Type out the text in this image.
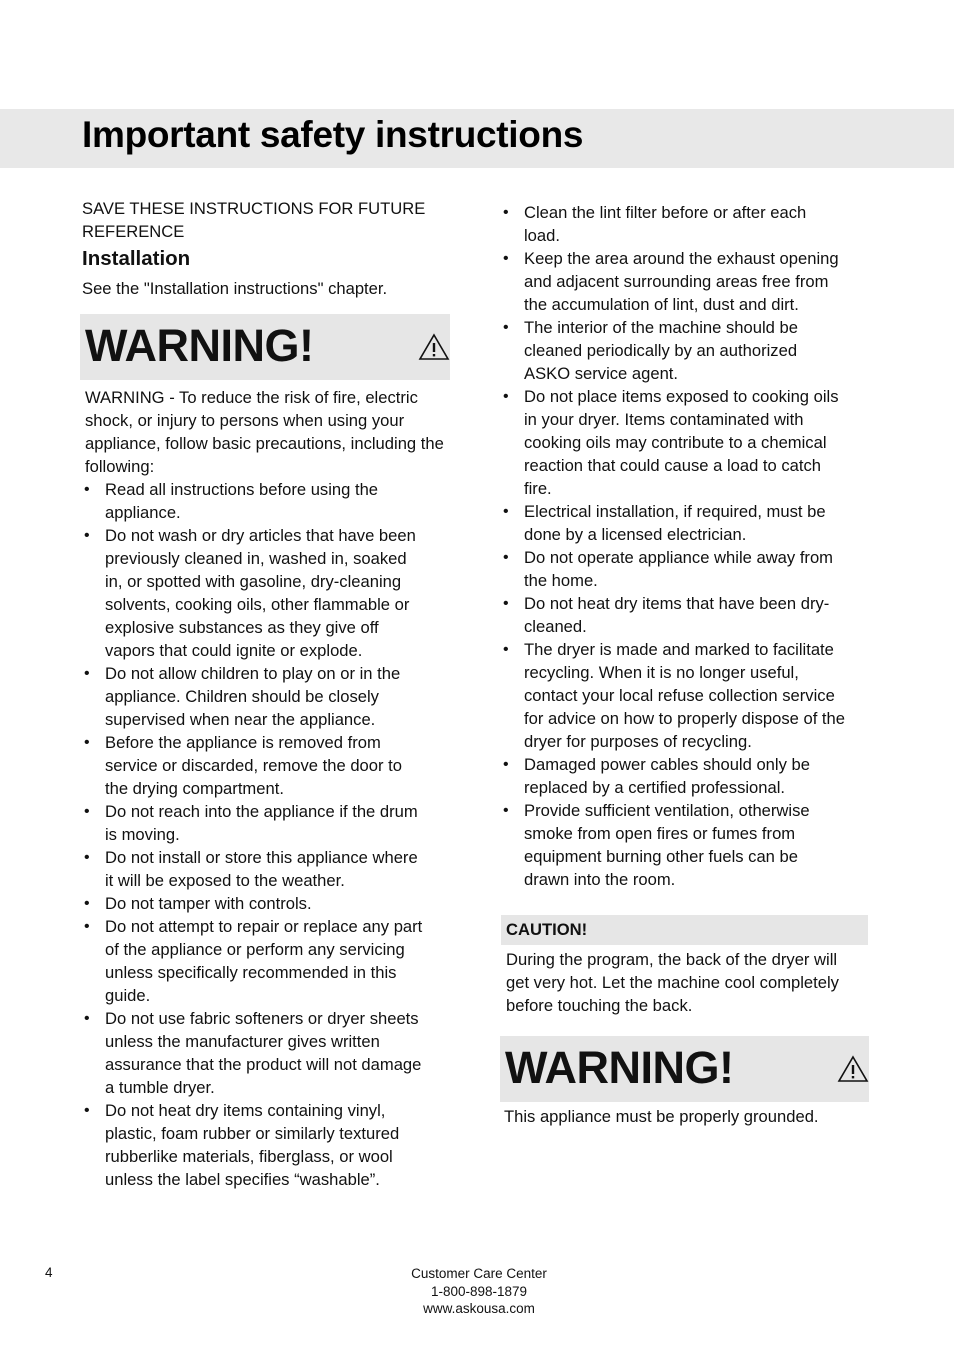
Important safety instructions

SAVE THESE INSTRUCTIONS FOR FUTURE REFERENCE

Installation

See the "Installation instructions" chapter.

WARNING!

WARNING - To reduce the risk of fire, electric shock, or injury to persons when using your appliance, follow basic precautions, including the following:

• Read all instructions before using the appliance.
• Do not wash or dry articles that have been previously cleaned in, washed in, soaked in, or spotted with gasoline, dry-cleaning solvents, cooking oils, other flammable or explosive substances as they give off vapors that could ignite or explode.
• Do not allow children to play on or in the appliance. Children should be closely supervised when near the appliance.
• Before the appliance is removed from service or discarded, remove the door to the drying compartment.
• Do not reach into the appliance if the drum is moving.
• Do not install or store this appliance where it will be exposed to the weather.
• Do not tamper with controls.
• Do not attempt to repair or replace any part of the appliance or perform any servicing unless specifically recommended in this guide.
• Do not use fabric softeners or dryer sheets unless the manufacturer gives written assurance that the product will not damage a tumble dryer.
• Do not heat dry items containing vinyl, plastic, foam rubber or similarly textured rubberlike materials, fiberglass, or wool unless the label specifies “washable”.
• Clean the lint filter before or after each load.
• Keep the area around the exhaust opening and adjacent surrounding areas free from the accumulation of lint, dust and dirt.
• The interior of the machine should be cleaned periodically by an authorized ASKO service agent.
• Do not place items exposed to cooking oils in your dryer. Items contaminated with cooking oils may contribute to a chemical reaction that could cause a load to catch fire.
• Electrical installation, if required, must be done by a licensed electrician.
• Do not operate appliance while away from the home.
• Do not heat dry items that have been dry-cleaned.
• The dryer is made and marked to facilitate recycling. When it is no longer useful, contact your local refuse collection service for advice on how to properly dispose of the dryer for purposes of recycling.
• Damaged power cables should only be replaced by a certified professional.
• Provide sufficient ventilation, otherwise smoke from open fires or fumes from equipment burning other fuels can be drawn into the room.
CAUTION!

During the program, the back of the dryer will get very hot. Let the machine cool completely before touching the back.

WARNING!

This appliance must be properly grounded.

4	Customer Care Center
1-800-898-1879
www.askousa.com
